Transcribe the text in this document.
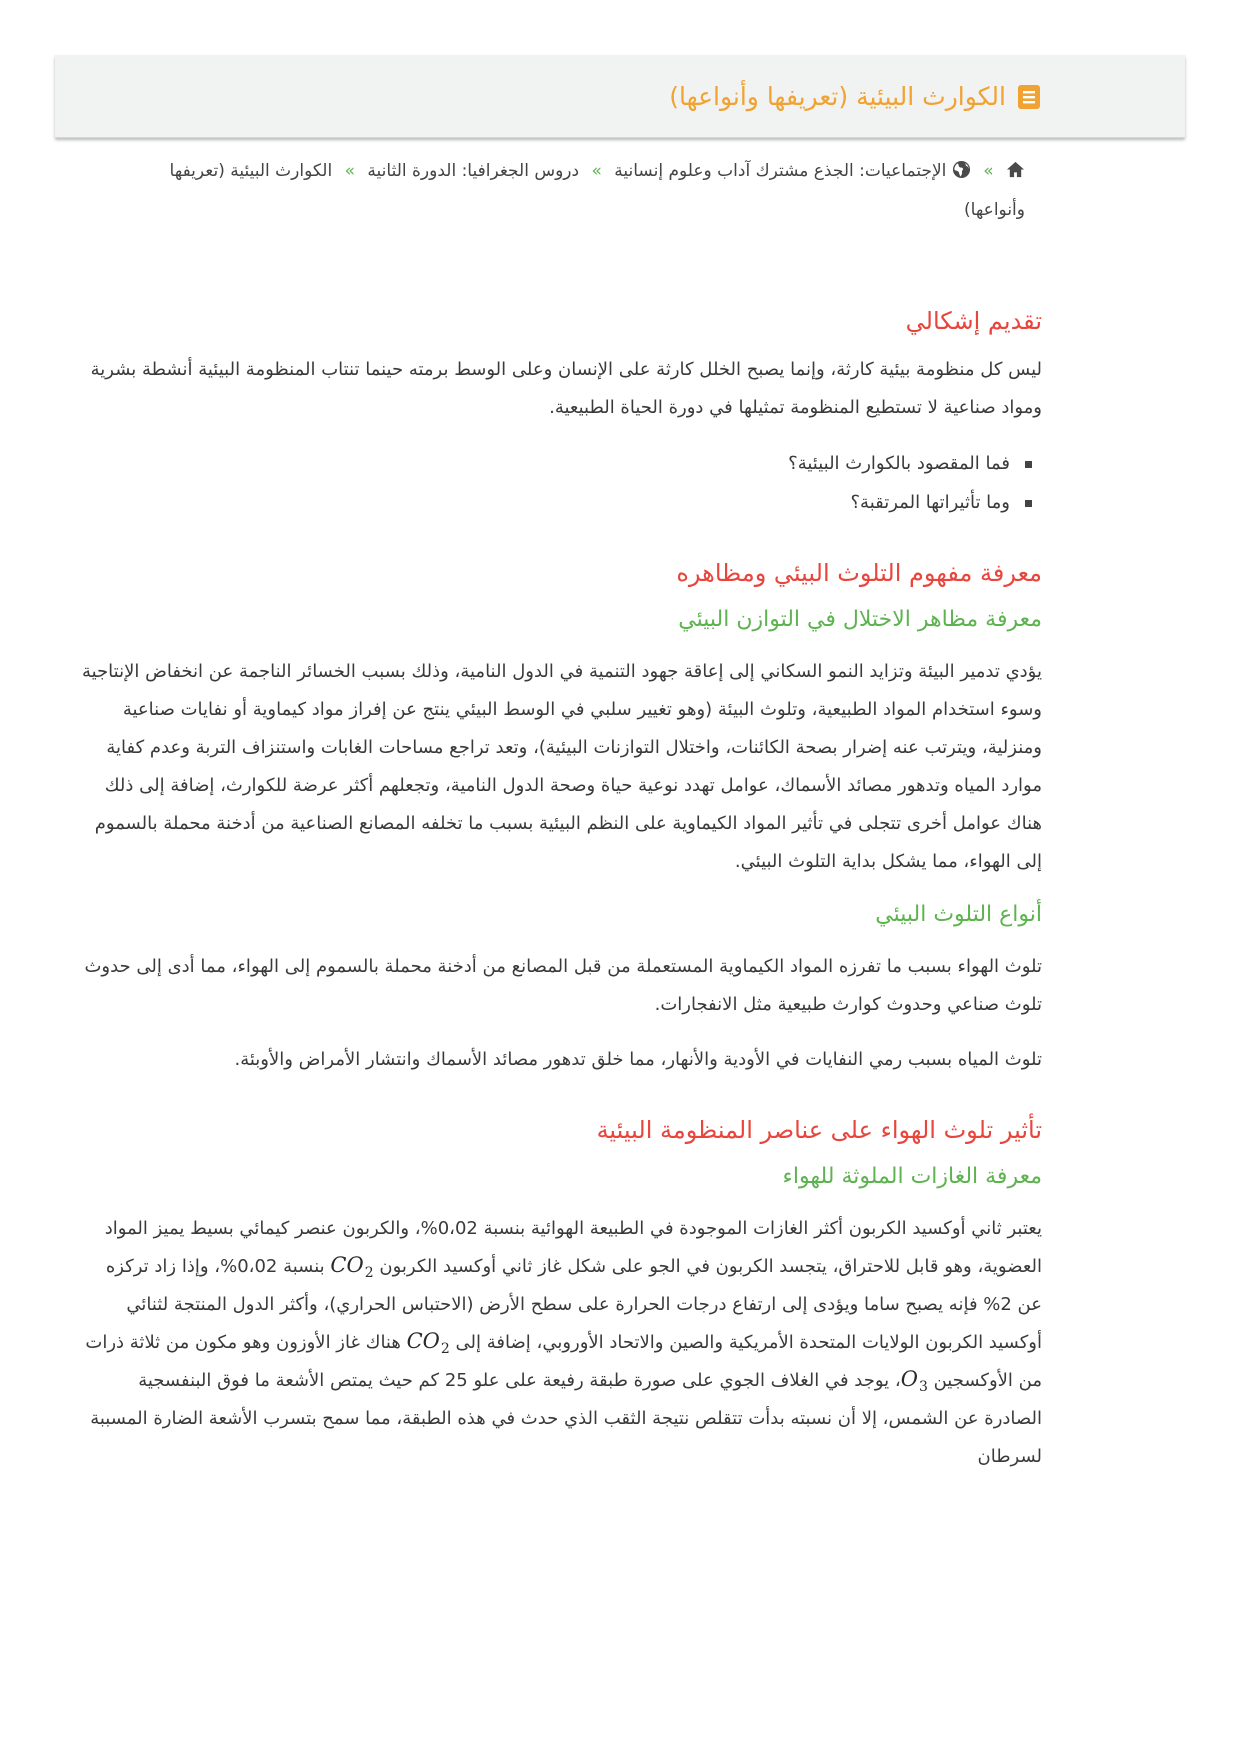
الكوارث البيئية (تعريفها وأنواعها)
»
الإجتماعيات: الجذع مشترك آداب وعلوم إنسانية » دروس الجغرافيا: الدورة الثانية » الكوارث البيئية (تعريفها وأنواعها)
تقديم إشكالي

ليس كل منظومة بيئية كارثة، وإنما يصبح الخلل كارثة على الإنسان وعلى الوسط برمته حينما تنتاب المنظومة البيئية أنشطة بشرية ومواد صناعية لا تستطيع المنظومة تمثيلها في دورة الحياة الطبيعية.

فما المقصود بالكوارث البيئية؟
وما تأثيراتها المرتقبة؟
معرفة مفهوم التلوث البيئي ومظاهره
معرفة مظاهر الاختلال في التوازن البيئي

يؤدي تدمير البيئة وتزايد النمو السكاني إلى إعاقة جهود التنمية في الدول النامية، وذلك بسبب الخسائر الناجمة عن انخفاض الإنتاجية وسوء استخدام المواد الطبيعية، وتلوث البيئة (وهو تغيير سلبي في الوسط البيئي ينتج عن إفراز مواد كيماوية أو نفايات صناعية ومنزلية، ويترتب عنه إضرار بصحة الكائنات، واختلال التوازنات البيئية)، وتعد تراجع مساحات الغابات واستنزاف التربة وعدم كفاية موارد المياه وتدهور مصائد الأسماك، عوامل تهدد نوعية حياة وصحة الدول النامية، وتجعلهم أكثر عرضة للكوارث، إضافة إلى ذلك هناك عوامل أخرى تتجلى في تأثير المواد الكيماوية على النظم البيئية بسبب ما تخلفه المصانع الصناعية من أدخنة محملة بالسموم إلى الهواء، مما يشكل بداية التلوث البيئي.

أنواع التلوث البيئي

تلوث الهواء بسبب ما تفرزه المواد الكيماوية المستعملة من قبل المصانع من أدخنة محملة بالسموم إلى الهواء، مما أدى إلى حدوث تلوث صناعي وحدوث كوارث طبيعية مثل الانفجارات.

تلوث المياه بسبب رمي النفايات في الأودية والأنهار، مما خلق تدهور مصائد الأسماك وانتشار الأمراض والأوبئة.

تأثير تلوث الهواء على عناصر المنظومة البيئية
معرفة الغازات الملوثة للهواء

يعتبر ثاني أوكسيد الكربون أكثر الغازات الموجودة في الطبيعة الهوائية بنسبة 0،02%، والكربون عنصر كيمائي بسيط يميز المواد العضوية، وهو قابل للاحتراق، يتجسد الكربون في الجو على شكل غاز ثاني أوكسيد الكربون $CO_2$ بنسبة 0،02%، وإذا زاد تركزه عن 2% فإنه يصبح ساما ويؤدى إلى ارتفاع درجات الحرارة على سطح الأرض (الاحتباس الحراري)، وأكثر الدول المنتجة لثنائي أوكسيد الكربون الولايات المتحدة الأمريكية والصين والاتحاد الأوروبي، إضافة إلى $CO_2$ هناك غاز الأوزون وهو مكون من ثلاثة ذرات من الأوكسجين $O_3،$ يوجد في الغلاف الجوي على صورة طبقة رفيعة على علو 25 كم حيث يمتص الأشعة ما فوق البنفسجية الصادرة عن الشمس، إلا أن نسبته بدأت تتقلص نتيجة الثقب الذي حدث في هذه الطبقة، مما سمح بتسرب الأشعة الضارة المسببة لسرطان
